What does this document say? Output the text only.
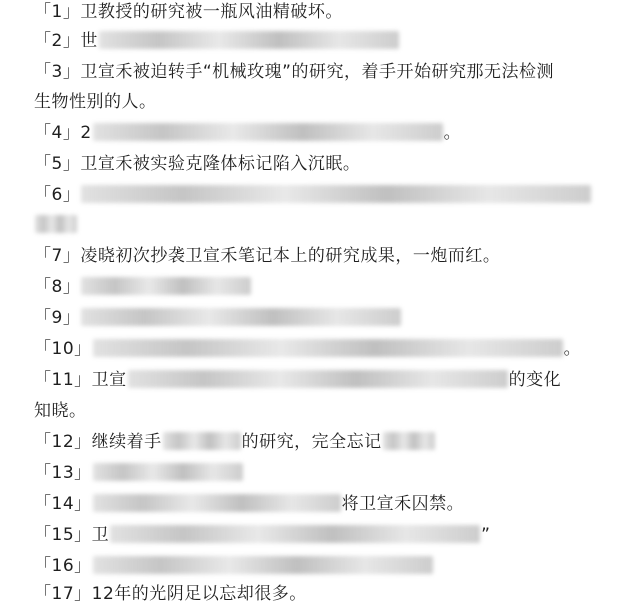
「1」卫教授的研究被一瓶风油精破坏。
「2」世
「3」卫宣禾被迫转手“机械玫瑰”的研究，着手开始研究那无法检测
生物性别的人。
「4」2	。
「5」卫宣禾被实验克隆体标记陷入沉眠。
「6」
「7」凌晓初次抄袭卫宣禾笔记本上的研究成果，一炮而红。
「8」
「9」
「10」	。
「11」卫宣	的变化
知晓。
「12」继续着手	的研究，完全忘记
「13」
「14」	将卫宣禾囚禁。
「15」卫	”
「16」
「17」12年的光阴足以忘却很多。
